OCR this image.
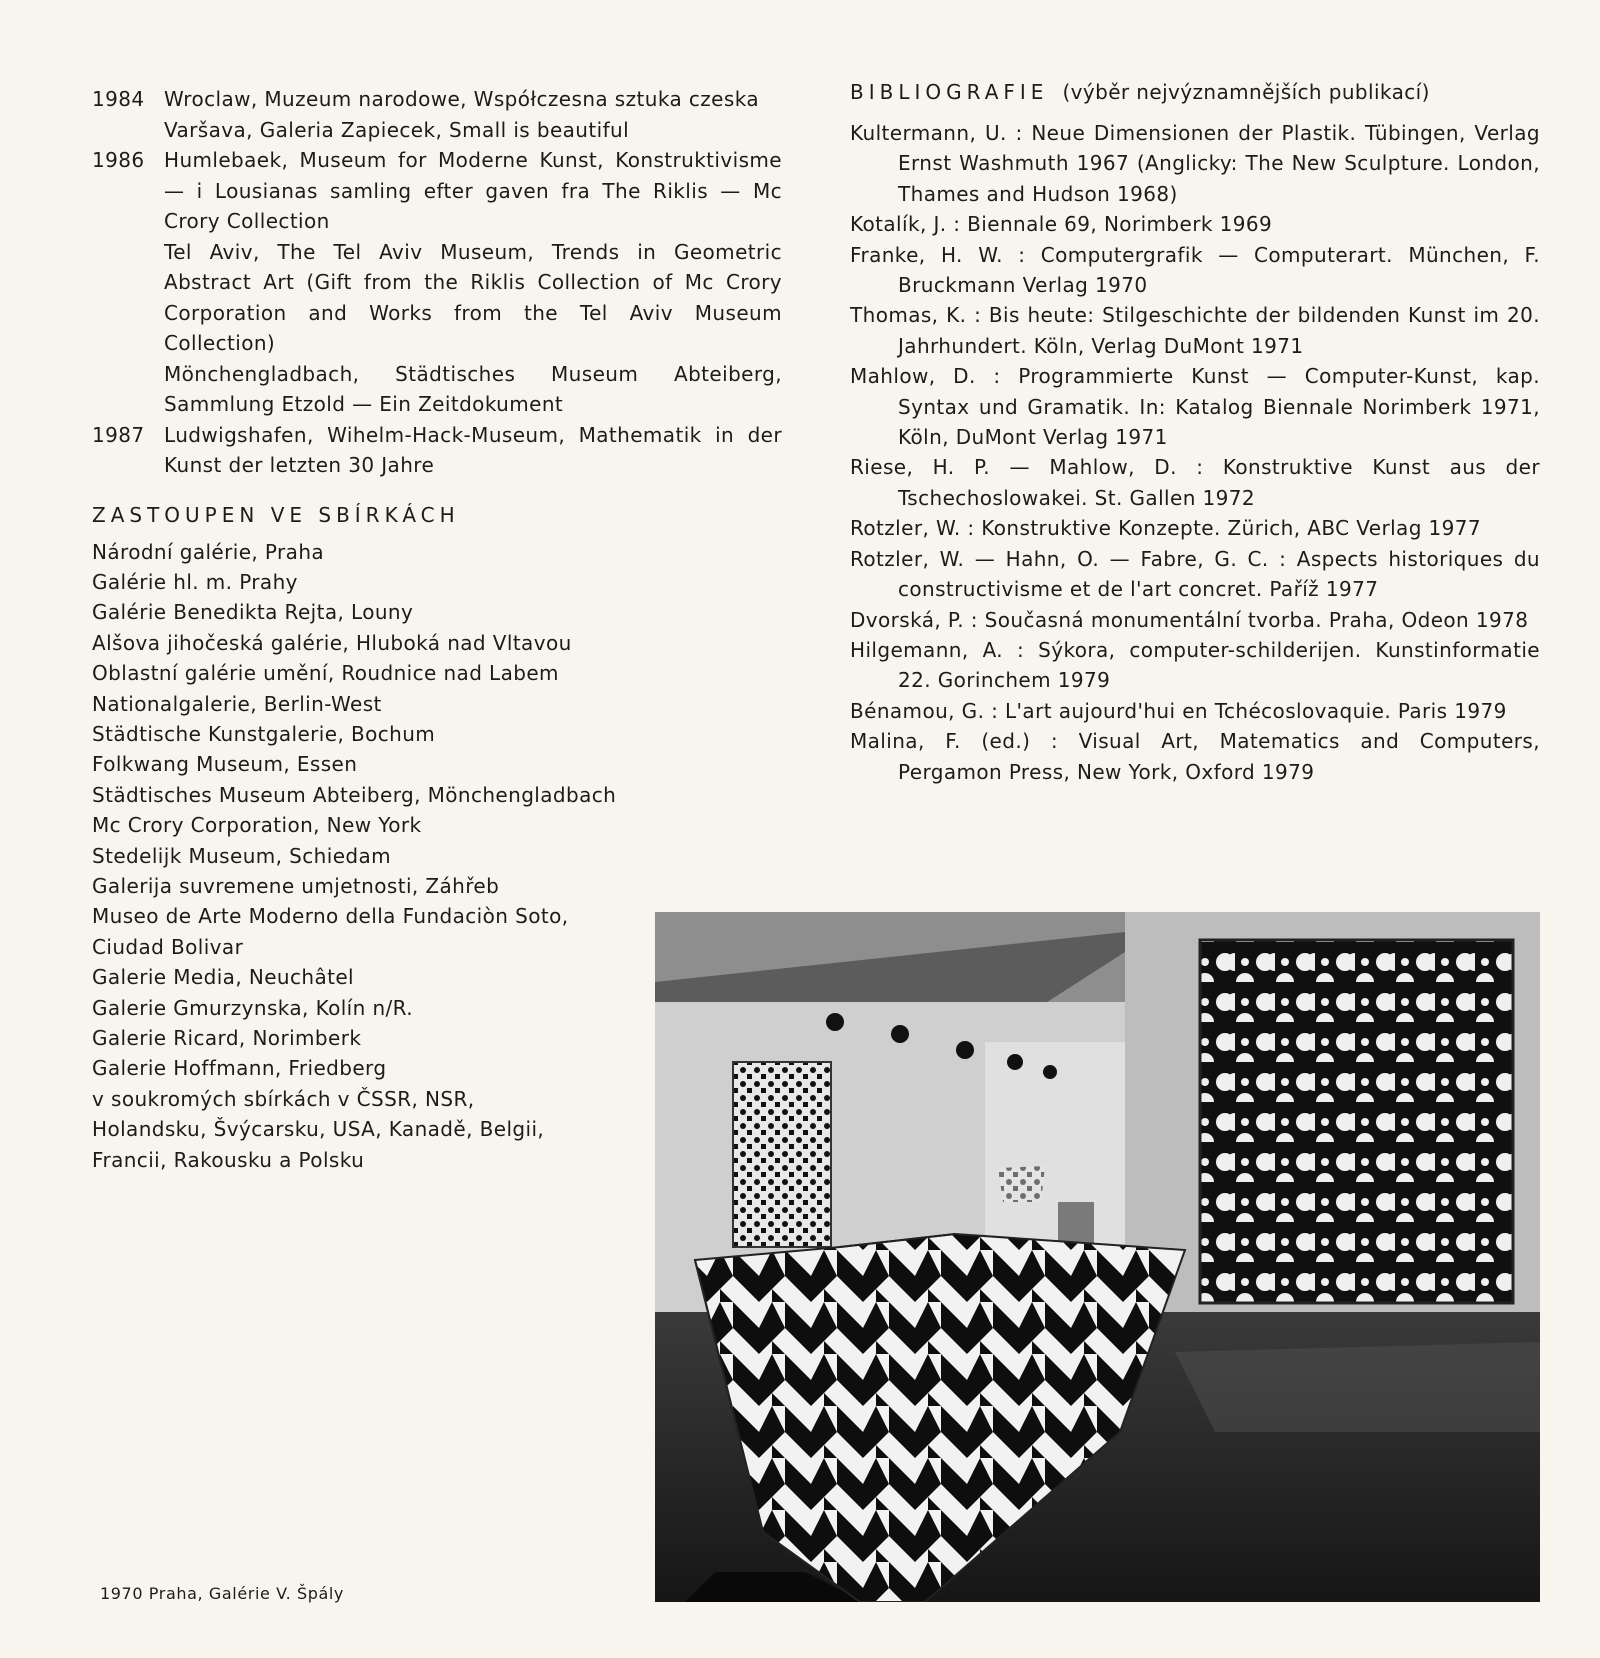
1984 Wroclaw, Muzeum narodowe, Współczesna sztuka czeska
Varšava, Galeria Zapiecek, Small is beautiful
1986 Humlebaek, Museum for Moderne Kunst, Konstruktivisme — i Lousianas samling efter gaven fra The Riklis — Mc Crory Collection
Tel Aviv, The Tel Aviv Museum, Trends in Geometric Abstract Art (Gift from the Riklis Collection of Mc Crory Corporation and Works from the Tel Aviv Museum Collection)
Mönchengladbach, Städtisches Museum Abteiberg, Sammlung Etzold — Ein Zeitdokument
1987 Ludwigshafen, Wihelm-Hack-Museum, Mathematik in der Kunst der letzten 30 Jahre
ZASTOUPEN VE SBÍRKÁCH
Národní galérie, Praha
Galérie hl. m. Prahy
Galérie Benedikta Rejta, Louny
Alšova jihočeská galérie, Hluboká nad Vltavou
Oblastní galérie umění, Roudnice nad Labem
Nationalgalerie, Berlin-West
Städtische Kunstgalerie, Bochum
Folkwang Museum, Essen
Städtisches Museum Abteiberg, Mönchengladbach
Mc Crory Corporation, New York
Stedelijk Museum, Schiedam
Galerija suvremene umjetnosti, Záhřeb
Museo de Arte Moderno della Fundaciòn Soto,
Ciudad Bolivar
Galerie Media, Neuchâtel
Galerie Gmurzynska, Kolín n/R.
Galerie Ricard, Norimberk
Galerie Hoffmann, Friedberg
v soukromých sbírkách v ČSSR, NSR,
Holandsku, Švýcarsku, USA, Kanadě, Belgii,
Francii, Rakousku a Polsku
BIBLIOGRAFIE (výběr nejvýznamnějších publikací)
Kultermann, U. : Neue Dimensionen der Plastik. Tübingen, Verlag Ernst Washmuth 1967 (Anglicky: The New Sculpture. London, Thames and Hudson 1968)
Kotalík, J. : Biennale 69, Norimberk 1969
Franke, H. W. : Computergrafik — Computerart. München, F. Bruckmann Verlag 1970
Thomas, K. : Bis heute: Stilgeschichte der bildenden Kunst im 20. Jahrhundert. Köln, Verlag DuMont 1971
Mahlow, D. : Programmierte Kunst — Computer-Kunst, kap. Syntax und Gramatik. In: Katalog Biennale Norimberk 1971, Köln, DuMont Verlag 1971
Riese, H. P. — Mahlow, D. : Konstruktive Kunst aus der Tschechoslowakei. St. Gallen 1972
Rotzler, W. : Konstruktive Konzepte. Zürich, ABC Verlag 1977
Rotzler, W. — Hahn, O. — Fabre, G. C. : Aspects historiques du constructivisme et de l'art concret. Paříž 1977
Dvorská, P. : Současná monumentální tvorba. Praha, Odeon 1978
Hilgemann, A. : Sýkora, computer-schilderijen. Kunstinformatie 22. Gorinchem 1979
Bénamou, G. : L'art aujourd'hui en Tchécoslovaquie. Paris 1979
Malina, F. (ed.) : Visual Art, Matematics and Computers, Pergamon Press, New York, Oxford 1979
1970 Praha, Galérie V. Špály
